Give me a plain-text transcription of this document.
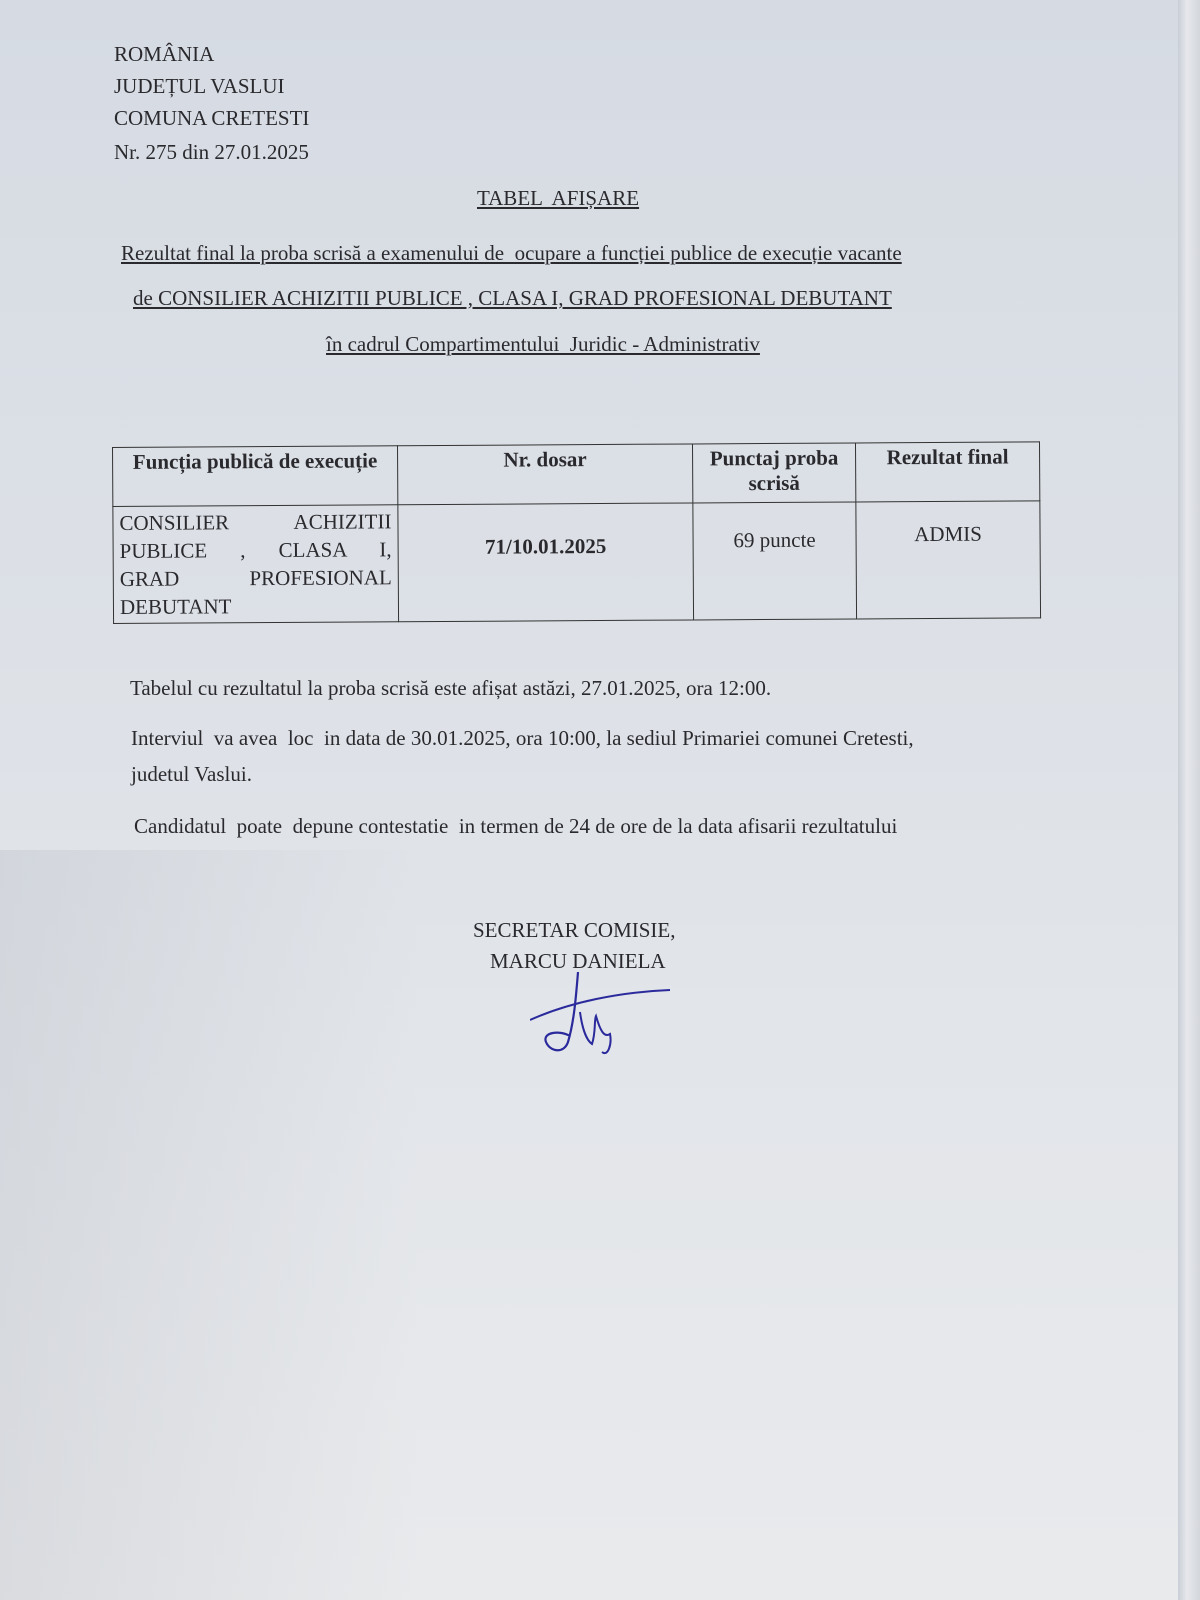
ROMÂNIA
JUDEȚUL VASLUI
COMUNA CRETESTI
Nr. 275 din 27.01.2025
TABEL  AFIȘARE
Rezultat final la proba scrisă a examenului de  ocupare a funcției publice de execuție vacante
de CONSILIER ACHIZITII PUBLICE , CLASA I, GRAD PROFESIONAL DEBUTANT
în cadrul Compartimentului  Juridic - Administrativ
Funcția publică de execuție	Nr. dosar	Punctaj proba scrisă	Rezultat final

CONSILIER ACHIZITII
PUBLICE , CLASA I,
GRAD PROFESIONAL
DEBUTANT	71/10.01.2025	69 puncte	ADMIS
Tabelul cu rezultatul la proba scrisă este afișat astăzi, 27.01.2025, ora 12:00.
Interviul  va avea  loc  in data de 30.01.2025, ora 10:00, la sediul Primariei comunei Cretesti,
judetul Vaslui.
Candidatul  poate  depune contestatie  in termen de 24 de ore de la data afisarii rezultatului
SECRETAR COMISIE,
MARCU DANIELA
